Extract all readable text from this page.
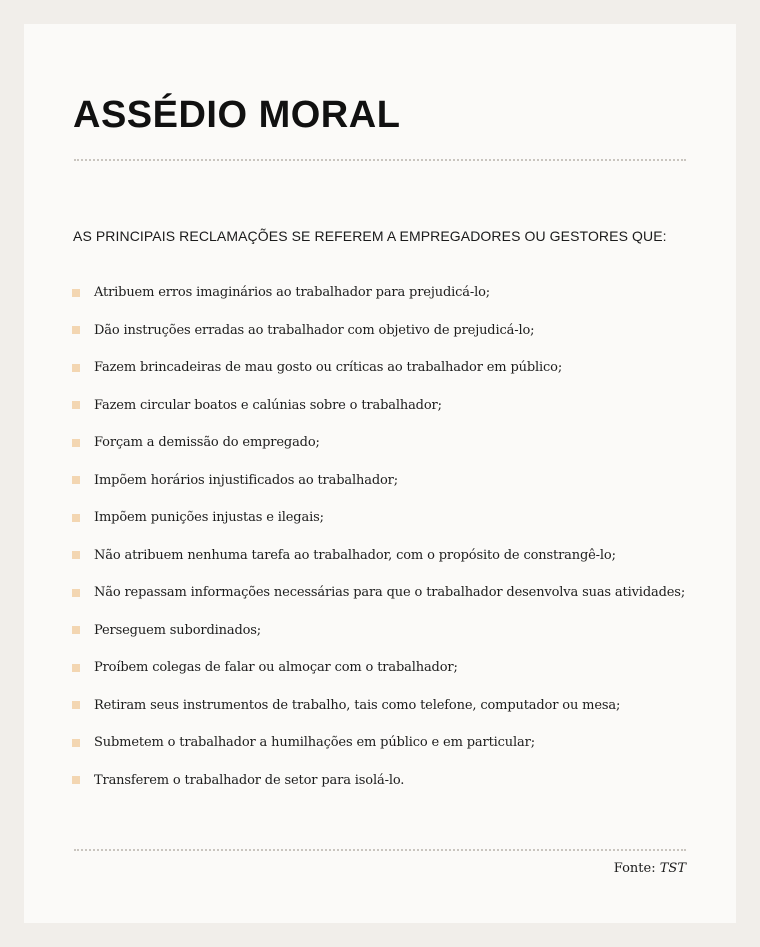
ASSÉDIO MORAL

AS PRINCIPAIS RECLAMAÇÕES SE REFEREM A EMPREGADORES OU GESTORES QUE:

Atribuem erros imaginários ao trabalhador para prejudicá-lo;
Dão instruções erradas ao trabalhador com objetivo de prejudicá-lo;
Fazem brincadeiras de mau gosto ou críticas ao trabalhador em público;
Fazem circular boatos e calúnias sobre o trabalhador;
Forçam a demissão do empregado;
Impõem horários injustificados ao trabalhador;
Impõem punições injustas e ilegais;
Não atribuem nenhuma tarefa ao trabalhador, com o propósito de constrangê-lo;
Não repassam informações necessárias para que o trabalhador desenvolva suas atividades;
Perseguem subordinados;
Proíbem colegas de falar ou almoçar com o trabalhador;
Retiram seus instrumentos de trabalho, tais como telefone, computador ou mesa;
Submetem o trabalhador a humilhações em público e em particular;
Transferem o trabalhador de setor para isolá-lo.
Fonte: TST
